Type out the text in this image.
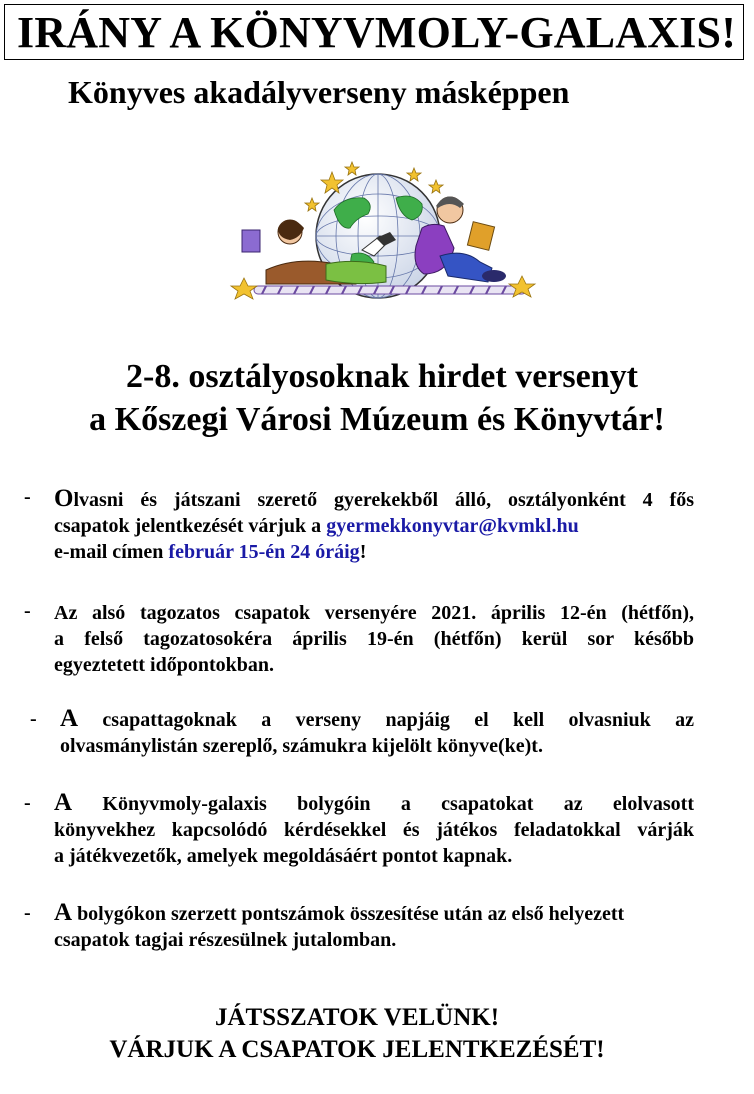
IRÁNY A KÖNYVMOLY-GALAXIS!
Könyves akadályverseny másképpen
2-8. osztályosoknak hirdet versenyt
a Kőszegi Városi Múzeum és Könyvtár!
- Olvasni és játszani szerető gyerekekből álló, osztályonként 4 fős
csapatok jelentkezését várjuk a gyermekkonyvtar@kvmkl.hu
e-mail címen február 15-én 24 óráig!
- Az alsó tagozatos csapatok versenyére 2021. április 12-én (hétfőn),
a felső tagozatosokéra április 19-én (hétfőn) kerül sor később
egyeztetett időpontokban.
- A csapattagoknak a verseny napjáig el kell olvasniuk az
olvasmánylistán szereplő, számukra kijelölt könyve(ke)t.
- A Könyvmoly-galaxis bolygóin a csapatokat az elolvasott
könyvekhez kapcsolódó kérdésekkel és játékos feladatokkal várják
a játékvezetők, amelyek megoldásáért pontot kapnak.
- A bolygókon szerzett pontszámok összesítése után az első helyezett
csapatok tagjai részesülnek jutalomban.
JÁTSSZATOK VELÜNK!
VÁRJUK A CSAPATOK JELENTKEZÉSÉT!
